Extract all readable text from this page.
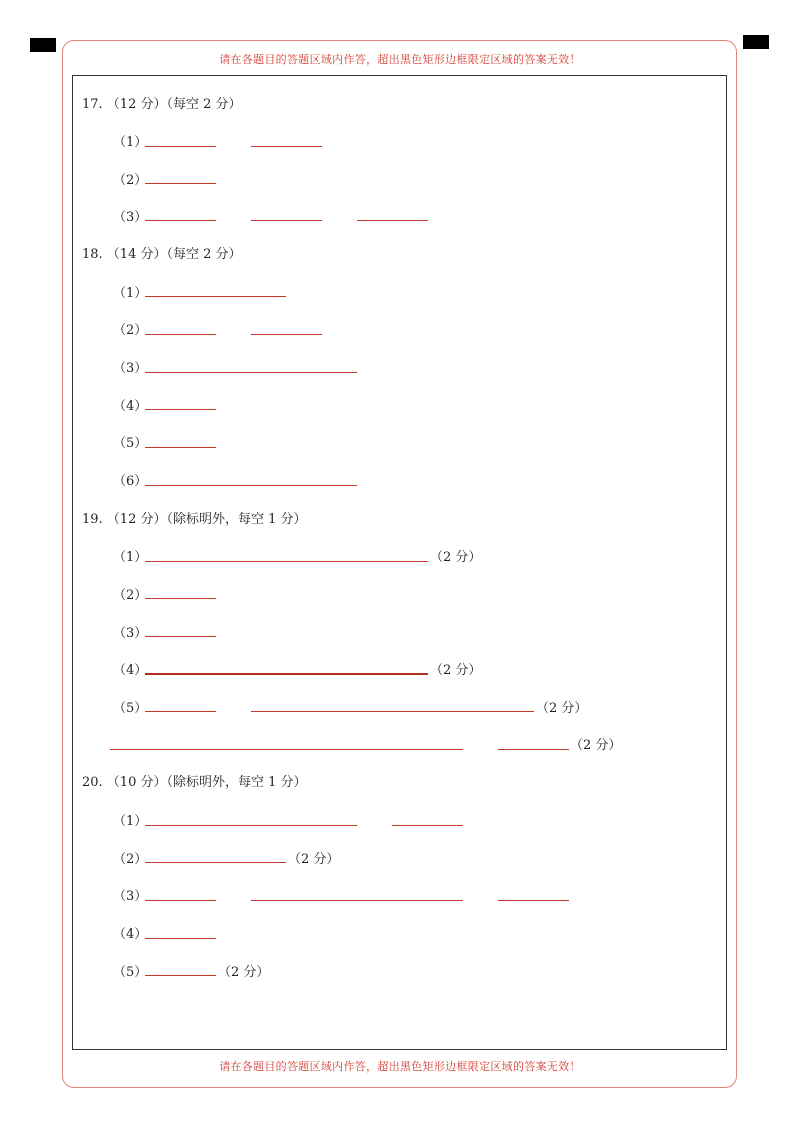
请在各题目的答题区域内作答，超出黑色矩形边框限定区域的答案无效！
请在各题目的答题区域内作答，超出黑色矩形边框限定区域的答案无效！
17. （12 分）（每空 2 分）
（1）
（2）
（3）
18. （14 分）（每空 2 分）
（1）
（2）
（3）
（4）
（5）
（6）
19. （12 分）（除标明外，每空 1 分）
（1）	（2 分）
（2）
（3）
（4）	（2 分）
（5）	（2 分）
（2 分）
20. （10 分）（除标明外，每空 1 分）
（1）
（2）	（2 分）
（3）
（4）
（5）	（2 分）
